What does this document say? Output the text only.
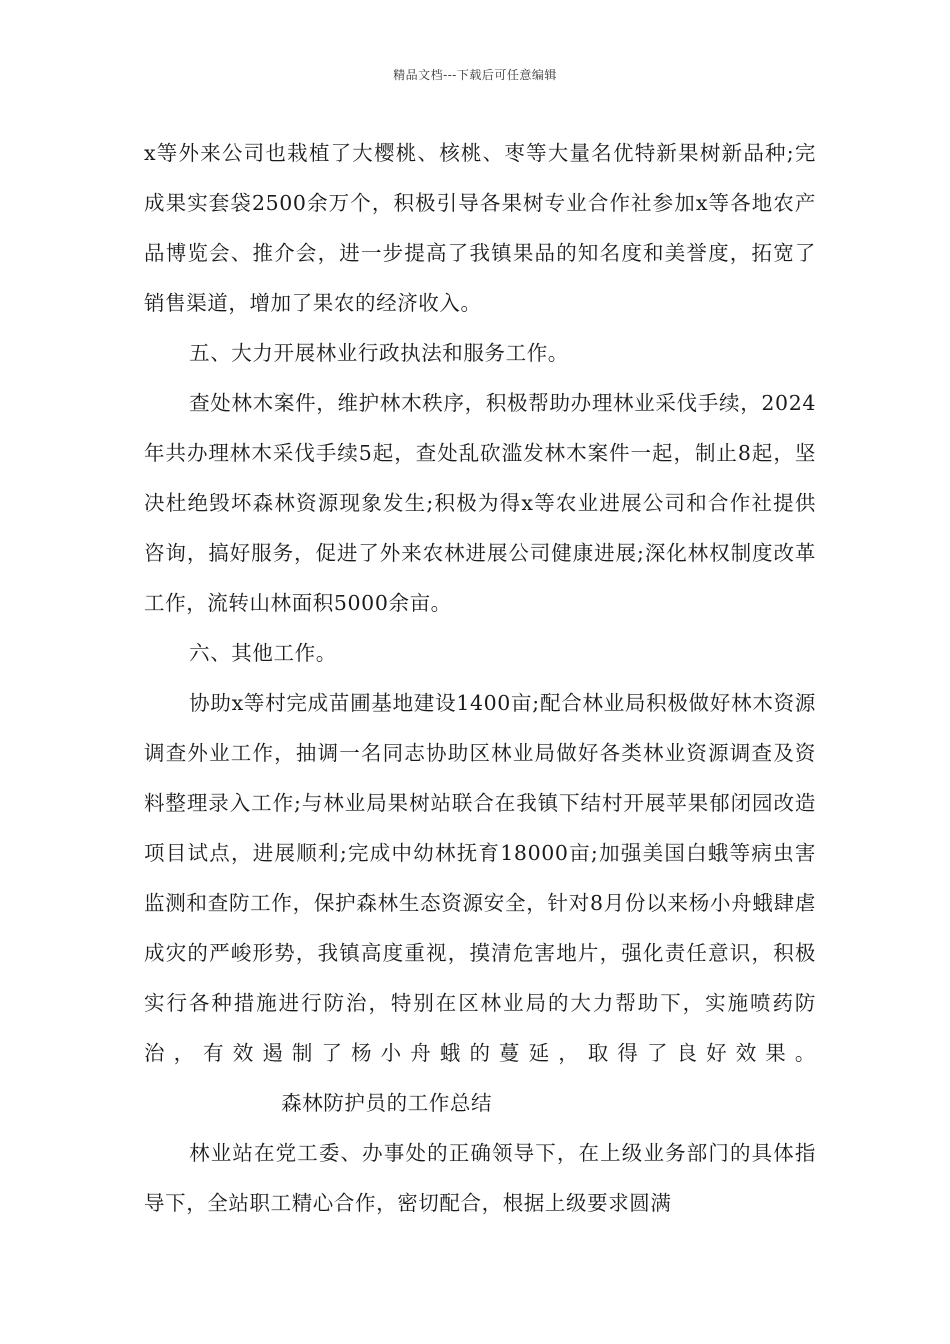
精品文档---下载后可任意编辑

x等外来公司也栽植了大樱桃、核桃、枣等大量名优特新果树新品种;完成果实套袋2500余万个，积极引导各果树专业合作社参加x等各地农产品博览会、推介会，进一步提高了我镇果品的知名度和美誉度，拓宽了销售渠道，增加了果农的经济收入。

五、大力开展林业行政执法和服务工作。

查处林木案件，维护林木秩序，积极帮助办理林业采伐手续，2024年共办理林木采伐手续5起，查处乱砍滥发林木案件一起，制止8起，坚决杜绝毁坏森林资源现象发生;积极为得x等农业进展公司和合作社提供咨询，搞好服务，促进了外来农林进展公司健康进展;深化林权制度改革工作，流转山林面积5000余亩。

六、其他工作。

协助x等村完成苗圃基地建设1400亩;配合林业局积极做好林木资源调查外业工作，抽调一名同志协助区林业局做好各类林业资源调查及资料整理录入工作;与林业局果树站联合在我镇下结村开展苹果郁闭园改造项目试点，进展顺利;完成中幼林抚育18000亩;加强美国白蛾等病虫害监测和查防工作，保护森林生态资源安全，针对8月份以来杨小舟蛾肆虐成灾的严峻形势，我镇高度重视，摸清危害地片，强化责任意识，积极实行各种措施进行防治，特别在区林业局的大力帮助下，实施喷药防治，有效遏制了杨小舟蛾的蔓延，取得了良好效果。森林防护员的工作总结

林业站在党工委、办事处的正确领导下，在上级业务部门的具体指导下，全站职工精心合作，密切配合，根据上级要求圆满
